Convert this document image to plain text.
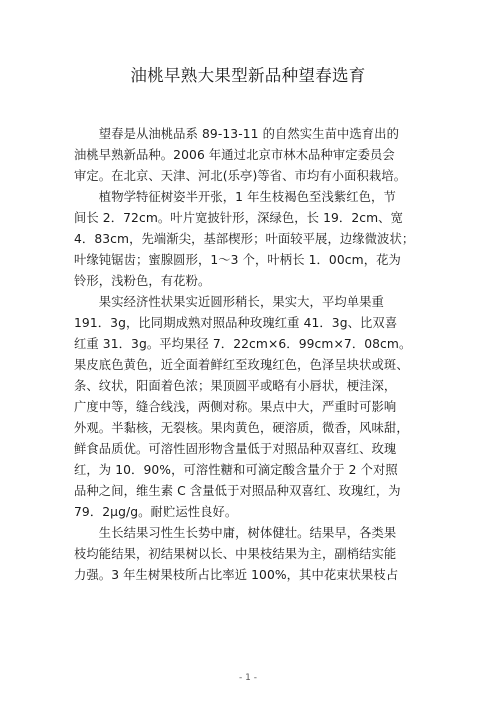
油桃早熟大果型新品种望春选育
　　望春是从油桃品系 89-13-11 的自然实生苗中选育出的
油桃早熟新品种。2006 年通过北京市林木品种审定委员会
审定。在北京、天津、河北(乐亭)等省、市均有小面积栽培。
　　植物学特征树姿半开张，1 年生枝褐色至浅紫红色，节
间长 2．72cm。叶片宽披针形，深绿色，长 19．2cm、宽
4．83cm，先端渐尖，基部楔形；叶面较平展，边缘微波状；
叶缘钝锯齿；蜜腺圆形，1～3 个，叶柄长 1．00cm，花为
铃形，浅粉色，有花粉。
　　果实经济性状果实近圆形稍长，果实大，平均单果重
191．3g，比同期成熟对照品种玫瑰红重 41．3g、比双喜
红重 31．3g。平均果径 7．22cm×6．99cm×7．08cm。
果皮底色黄色，近全面着鲜红至玫瑰红色，色泽呈块状或斑、
条、纹状，阳面着色浓；果顶圆平或略有小唇状，梗洼深，
广度中等，缝合线浅，两侧对称。果点中大，严重时可影响
外观。半黏核，无裂核。果肉黄色，硬溶质，微香，风味甜，
鲜食品质优。可溶性固形物含量低于对照品种双喜红、玫瑰
红，为 10．90%，可溶性糖和可滴定酸含量介于 2 个对照
品种之间，维生素 C 含量低于对照品种双喜红、玫瑰红，为
79．2μg/g。耐贮运性良好。
　　生长结果习性生长势中庸，树体健壮。结果早，各类果
枝均能结果，初结果树以长、中果枝结果为主，副梢结实能
力强。3 年生树果枝所占比率近 100%，其中花束状果枝占
- 1 -
